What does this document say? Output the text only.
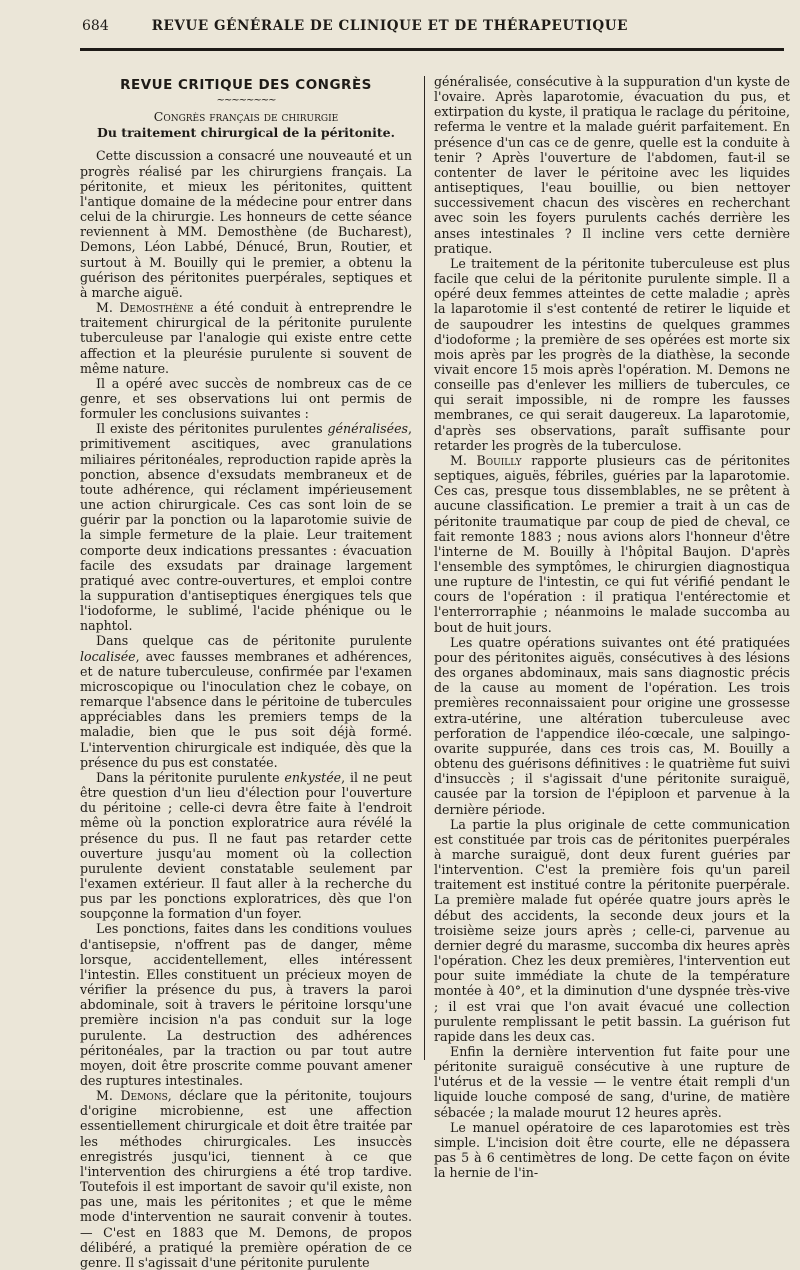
684	REVUE GÉNÉRALE DE CLINIQUE ET DE THÉRAPEUTIQUE
REVUE CRITIQUE DES CONGRÈS
~~~~~~~~
Congrès français de chirurgie
Du traitement chirurgical de la péritonite.

Cette discussion a consacré une nouveauté et un progrès réalisé par les chirurgiens français. La péritonite, et mieux les péritonites, quittent l'antique domaine de la médecine pour entrer dans celui de la chirurgie. Les honneurs de cette séance reviennent à MM. Demosthène (de Bucharest), Demons, Léon Labbé, Dénucé, Brun, Routier, et surtout à M. Bouilly qui le premier, a obtenu la guérison des péritonites puerpérales, septiques et à marche aiguë.

M. Demosthène a été conduit à entreprendre le traitement chirurgical de la péritonite purulente tuberculeuse par l'analogie qui existe entre cette affection et la pleurésie purulente si souvent de même nature.

Il a opéré avec succès de nombreux cas de ce genre, et ses observations lui ont permis de formuler les conclusions suivantes :

Il existe des péritonites purulentes généralisées, primitivement ascitiques, avec granulations miliaires péritonéales, reproduction rapide après la ponction, absence d'exsudats membraneux et de toute adhérence, qui réclament impérieusement une action chirurgicale. Ces cas sont loin de se guérir par la ponction ou la laparotomie suivie de la simple fermeture de la plaie. Leur traitement comporte deux indications pressantes : évacuation facile des exsudats par drainage largement pratiqué avec contre-ouvertures, et emploi contre la suppuration d'antiseptiques énergiques tels que l'iodoforme, le sublimé, l'acide phénique ou le naphtol.

Dans quelque cas de péritonite purulente localisée, avec fausses membranes et adhérences, et de nature tuberculeuse, confirmée par l'examen microscopique ou l'inoculation chez le cobaye, on remarque l'absence dans le péritoine de tubercules appréciables dans les premiers temps de la maladie, bien que le pus soit déjà formé. L'intervention chirurgicale est indiquée, dès que la présence du pus est constatée.

Dans la péritonite purulente enkystée, il ne peut être question d'un lieu d'élection pour l'ouverture du péritoine ; celle-ci devra être faite à l'endroit même où la ponction exploratrice aura révélé la présence du pus. Il ne faut pas retarder cette ouverture jusqu'au moment où la collection purulente devient constatable seulement par l'examen extérieur. Il faut aller à la recherche du pus par les ponctions exploratrices, dès que l'on soupçonne la formation d'un foyer.

Les ponctions, faites dans les conditions voulues d'antisepsie, n'offrent pas de danger, même lorsque, accidentellement, elles intéressent l'intestin. Elles constituent un précieux moyen de vérifier la présence du pus, à travers la paroi abdominale, soit à travers le péritoine lorsqu'une première incision n'a pas conduit sur la loge purulente. La destruction des adhérences péritonéales, par la traction ou par tout autre moyen, doit être proscrite comme pouvant amener des ruptures intestinales.

M. Demons, déclare que la péritonite, toujours d'origine microbienne, est une affection essentiellement chirurgicale et doit être traitée par les méthodes chirurgicales. Les insuccès enregistrés jusqu'ici, tiennent à ce que l'intervention des chirurgiens a été trop tardive. Toutefois il est important de savoir qu'il existe, non pas une, mais les péritonites ; et que le même mode d'intervention ne saurait convenir à toutes. — C'est en 1883 que M. Demons, de propos délibéré, a pratiqué la première opération de ce genre. Il s'agissait d'une péritonite purulente

généralisée, consécutive à la suppuration d'un kyste de l'ovaire. Après laparotomie, évacuation du pus, et extirpation du kyste, il pratiqua le raclage du péritoine, referma le ventre et la malade guérit parfaitement. En présence d'un cas ce de genre, quelle est la conduite à tenir ? Après l'ouverture de l'abdomen, faut-il se contenter de laver le péritoine avec les liquides antiseptiques, l'eau bouillie, ou bien nettoyer successivement chacun des viscères en recherchant avec soin les foyers purulents cachés derrière les anses intestinales ? Il incline vers cette dernière pratique.

Le traitement de la péritonite tuberculeuse est plus facile que celui de la péritonite purulente simple. Il a opéré deux femmes atteintes de cette maladie ; après la laparotomie il s'est contenté de retirer le liquide et de saupoudrer les intestins de quelques grammes d'iodoforme ; la première de ses opérées est morte six mois après par les progrès de la diathèse, la seconde vivait encore 15 mois après l'opération. M. Demons ne conseille pas d'enlever les milliers de tubercules, ce qui serait impossible, ni de rompre les fausses membranes, ce qui serait daugereux. La laparotomie, d'après ses observations, paraît suffisante pour retarder les progrès de la tuberculose.

M. Bouilly rapporte plusieurs cas de péritonites septiques, aiguës, fébriles, guéries par la laparotomie. Ces cas, presque tous dissemblables, ne se prêtent à aucune classification. Le premier a trait à un cas de péritonite traumatique par coup de pied de cheval, ce fait remonte 1883 ; nous avions alors l'honneur d'être l'interne de M. Bouilly à l'hôpital Baujon. D'après l'ensemble des symptômes, le chirurgien diagnostiqua une rupture de l'intestin, ce qui fut vérifié pendant le cours de l'opération : il pratiqua l'entérectomie et l'enterrorraphie ; néanmoins le malade succomba au bout de huit jours.

Les quatre opérations suivantes ont été pratiquées pour des péritonites aiguës, consécutives à des lésions des organes abdominaux, mais sans diagnostic précis de la cause au moment de l'opération. Les trois premières reconnaissaient pour origine une grossesse extra-utérine, une altération tuberculeuse avec perforation de l'appendice iléo-cœcale, une salpingo-ovarite suppurée, dans ces trois cas, M. Bouilly a obtenu des guérisons définitives : le quatrième fut suivi d'insuccès ; il s'agissait d'une péritonite suraiguë, causée par la torsion de l'épiploon et parvenue à la dernière période.

La partie la plus originale de cette communication est constituée par trois cas de péritonites puerpérales à marche suraiguë, dont deux furent guéries par l'intervention. C'est la première fois qu'un pareil traitement est institué contre la péritonite puerpérale. La première malade fut opérée quatre jours après le début des accidents, la seconde deux jours et la troisième seize jours après ; celle-ci, parvenue au dernier degré du marasme, succomba dix heures après l'opération. Chez les deux premières, l'intervention eut pour suite immédiate la chute de la température montée à 40°, et la diminution d'une dyspnée très-vive ; il est vrai que l'on avait évacué une collection purulente remplissant le petit bassin. La guérison fut rapide dans les deux cas.

Enfin la dernière intervention fut faite pour une péritonite suraiguë consécutive à une rupture de l'utérus et de la vessie — le ventre était rempli d'un liquide louche composé de sang, d'urine, de matière sébacée ; la malade mourut 12 heures après.

Le manuel opératoire de ces laparotomies est très simple. L'incision doit être courte, elle ne dépassera pas 5 à 6 centimètres de long. De cette façon on évite la hernie de l'in-
